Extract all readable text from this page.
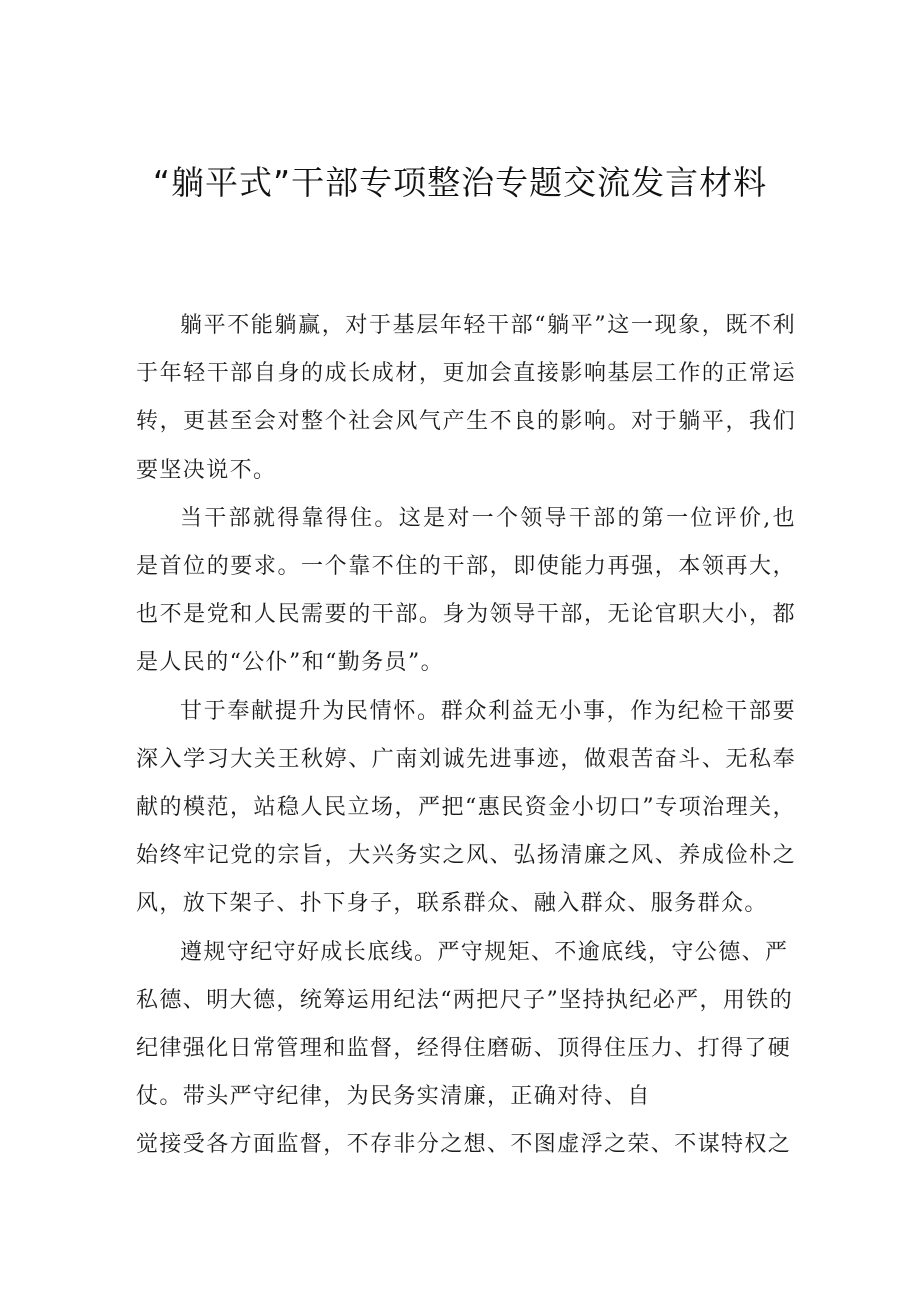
“躺平式”干部专项整治专题交流发言材料

躺平不能躺赢，对于基层年轻干部“躺平”这一现象，既不利于年轻干部自身的成长成材，更加会直接影响基层工作的正常运转，更甚至会对整个社会风气产生不良的影响。对于躺平，我们要坚决说不。

当干部就得靠得住。这是对一个领导干部的第一位评价,也是首位的要求。一个靠不住的干部，即使能力再强，本领再大，也不是党和人民需要的干部。身为领导干部，无论官职大小，都是人民的“公仆”和“勤务员”。

甘于奉献提升为民情怀。群众利益无小事，作为纪检干部要深入学习大关王秋婷、广南刘诚先进事迹，做艰苦奋斗、无私奉献的模范，站稳人民立场，严把“惠民资金小切口”专项治理关，始终牢记党的宗旨，大兴务实之风、弘扬清廉之风、养成俭朴之风，放下架子、扑下身子，联系群众、融入群众、服务群众。

遵规守纪守好成长底线。严守规矩、不逾底线，守公德、严私德、明大德，统筹运用纪法“两把尺子”坚持执纪必严，用铁的纪律强化日常管理和监督，经得住磨砺、顶得住压力、打得了硬仗。带头严守纪律，为民务实清廉，正确对待、自

觉接受各方面监督，不存非分之想、不图虚浮之荣、不谋特权之
